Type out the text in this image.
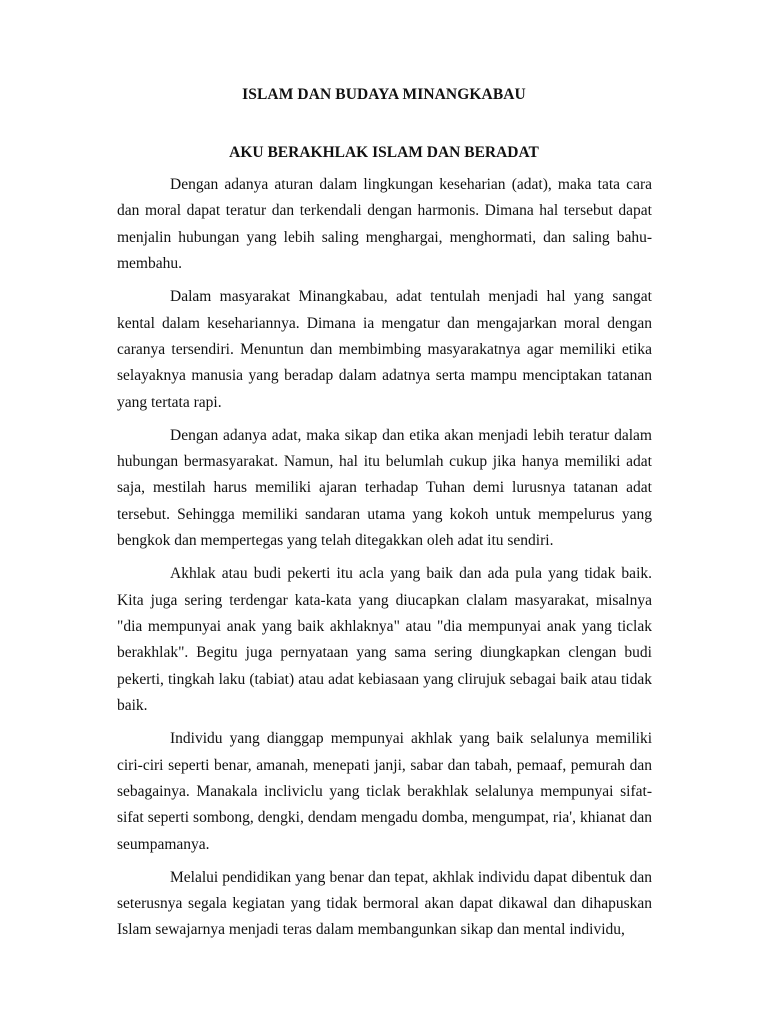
ISLAM DAN BUDAYA MINANGKABAU
AKU BERAKHLAK ISLAM DAN BERADAT

Dengan adanya aturan dalam lingkungan keseharian (adat), maka tata cara dan moral dapat teratur dan terkendali dengan harmonis. Dimana hal tersebut dapat menjalin hubungan yang lebih saling menghargai, menghormati, dan saling bahu-membahu.

Dalam masyarakat Minangkabau, adat tentulah menjadi hal yang sangat kental dalam kesehariannya. Dimana ia mengatur dan mengajarkan moral dengan caranya tersendiri. Menuntun dan membimbing masyarakatnya agar memiliki etika selayaknya manusia yang beradap dalam adatnya serta mampu menciptakan tatanan yang tertata rapi.

Dengan adanya adat, maka sikap dan etika akan menjadi lebih teratur dalam hubungan bermasyarakat. Namun, hal itu belumlah cukup jika hanya memiliki adat saja, mestilah harus memiliki ajaran terhadap Tuhan demi lurusnya tatanan adat tersebut. Sehingga memiliki sandaran utama yang kokoh untuk mempelurus yang bengkok dan mempertegas yang telah ditegakkan oleh adat itu sendiri.

Akhlak atau budi pekerti itu acla yang baik dan ada pula yang tidak baik. Kita juga sering terdengar kata-kata yang diucapkan clalam masyarakat, misalnya "dia mempunyai anak yang baik akhlaknya" atau "dia mempunyai anak yang ticlak berakhlak". Begitu juga pernyataan yang sama sering diungkapkan clengan budi pekerti, tingkah laku (tabiat) atau adat kebiasaan yang clirujuk sebagai baik atau tidak baik.

Individu yang dianggap mempunyai akhlak yang baik selalunya memiliki ciri-ciri seperti benar, amanah, menepati janji, sabar dan tabah, pemaaf, pemurah dan sebagainya. Manakala incliviclu yang ticlak berakhlak selalunya mempunyai sifat-sifat seperti sombong, dengki, dendam mengadu domba, mengumpat, ria', khianat dan seumpamanya.

Melalui pendidikan yang benar dan tepat, akhlak individu dapat dibentuk dan seterusnya segala kegiatan yang tidak bermoral akan dapat dikawal dan dihapuskan Islam sewajarnya menjadi teras dalam membangunkan sikap dan mental individu,
